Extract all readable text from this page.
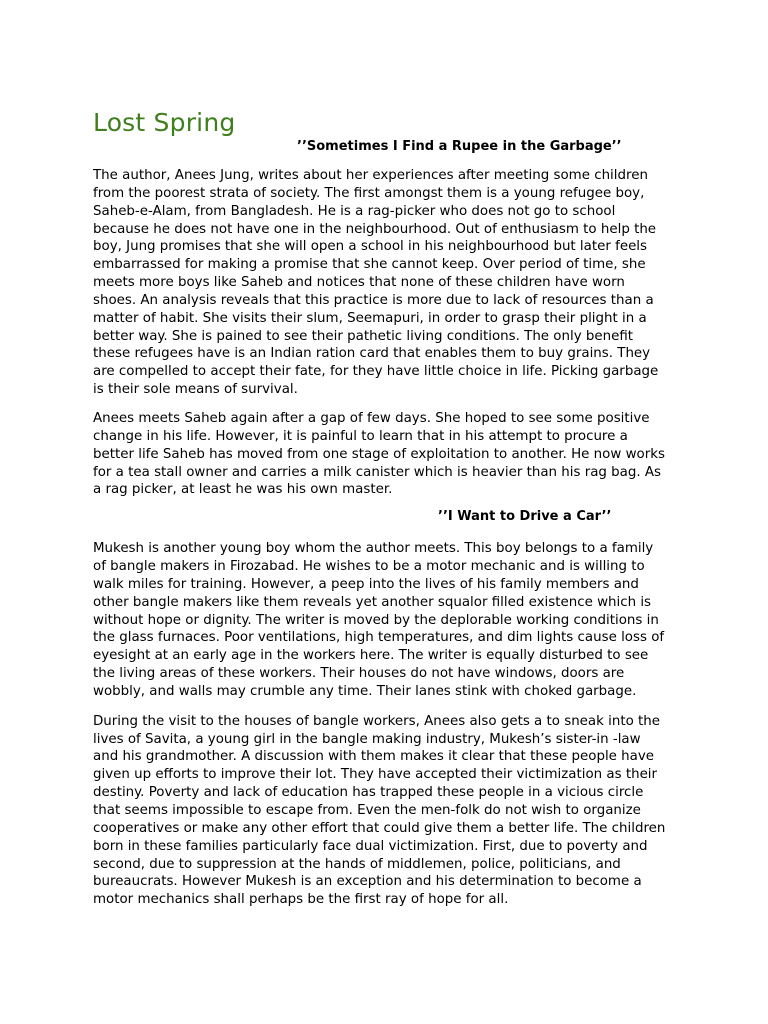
Lost Spring

’’Sometimes I Find a Rupee in the Garbage’’

The author, Anees Jung, writes about her experiences after meeting some children
from the poorest strata of society. The first amongst them is a young refugee boy,
Saheb-e-Alam, from Bangladesh. He is a rag-picker who does not go to school
because he does not have one in the neighbourhood. Out of enthusiasm to help the
boy, Jung promises that she will open a school in his neighbourhood but later feels
embarrassed for making a promise that she cannot keep. Over period of time, she
meets more boys like Saheb and notices that none of these children have worn
shoes. An analysis reveals that this practice is more due to lack of resources than a
matter of habit. She visits their slum, Seemapuri, in order to grasp their plight in a
better way. She is pained to see their pathetic living conditions. The only benefit
these refugees have is an Indian ration card that enables them to buy grains. They
are compelled to accept their fate, for they have little choice in life. Picking garbage
is their sole means of survival.
Anees meets Saheb again after a gap of few days. She hoped to see some positive
change in his life. However, it is painful to learn that in his attempt to procure a
better life Saheb has moved from one stage of exploitation to another. He now works
for a tea stall owner and carries a milk canister which is heavier than his rag bag. As
a rag picker, at least he was his own master.

’’I Want to Drive a Car’’

Mukesh is another young boy whom the author meets. This boy belongs to a family
of bangle makers in Firozabad. He wishes to be a motor mechanic and is willing to
walk miles for training. However, a peep into the lives of his family members and
other bangle makers like them reveals yet another squalor filled existence which is
without hope or dignity. The writer is moved by the deplorable working conditions in
the glass furnaces. Poor ventilations, high temperatures, and dim lights cause loss of
eyesight at an early age in the workers here. The writer is equally disturbed to see
the living areas of these workers. Their houses do not have windows, doors are
wobbly, and walls may crumble any time. Their lanes stink with choked garbage.
During the visit to the houses of bangle workers, Anees also gets a to sneak into the
lives of Savita, a young girl in the bangle making industry, Mukesh’s sister-in -law
and his grandmother. A discussion with them makes it clear that these people have
given up efforts to improve their lot. They have accepted their victimization as their
destiny. Poverty and lack of education has trapped these people in a vicious circle
that seems impossible to escape from. Even the men-folk do not wish to organize
cooperatives or make any other effort that could give them a better life. The children
born in these families particularly face dual victimization. First, due to poverty and
second, due to suppression at the hands of middlemen, police, politicians, and
bureaucrats. However Mukesh is an exception and his determination to become a
motor mechanics shall perhaps be the first ray of hope for all.
